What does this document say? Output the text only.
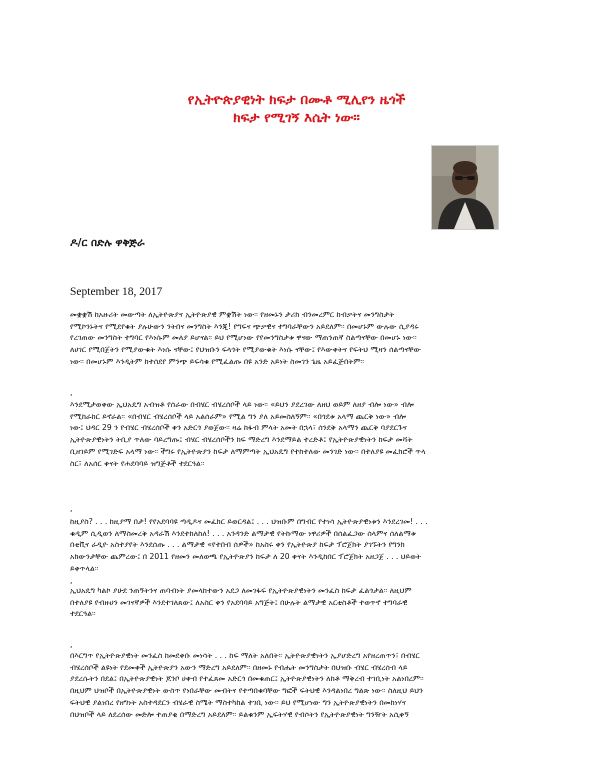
የኢትዮጵያዊነት ክፍታ በሙቶ ሚሊየን ዜጎች
ክፍታ የሚገኝ እሴት ነው፡፡
ዶ/ር በድሉ ዋቅጅራ
September 18, 2017
መቋቋሽ ከአዙሪት መውጣት ለኢትዮጵያና ኢትዮጵያዊ ምቋሽት ነው፡፡ የዘመኑን ታሪክ ብንመረምር ከብቃትና መንግስታት
የሚኮንኑትና የሚደየቁት ያሉሁውን ንትበና መንግስት እንጂ! የግፍና ጭቃዊና ተግባራቸውን አይደለም፡፡ በመሆኑም ውሉው ሲያዳሩ
የረገጠው መንግስት ተግባር የእነሱም መለያ ይሆናል፡፡ ይህ የሚሆነው የየመንግስታቱ ዋናው ማጠንጠኛ ስልጣናቸው በመሆኑ ነው፡፡
ለሀገር የሚበጀትን የሚያውቁት እነሱ ናቸው፤ የህዝቡን ፍላጎት የሚያውቁት እነሱ ናቸው፤ የእውቀትና የፍትህ ሚዛን ሰልጣናቸው
ነው፡፡ በመሆኑም እንዲትም ከተሰደየ ምንጭ ይፍሳቁ የሚፈልጡ በዩ አንድ አይነት ስመገን ጌዜ አይፈጅበትም፡፡
,
እንደሚታወቀው ኢህአዴግ አብዝቶ የሰራው በብሄር ብሄረሰቦች ላይ ነው፡፡ «ይህን ያደረገው ለዘህ ወይም ለዘያ ብሎ ነው» ብሎ
የሚከራከር ይኖራል፡፡ «በብሄር ብሄረሰቦች ላይ አልሰራም» የሚል ግን ያለ አይመስለኝም፡፡ «በጎደቱ አላማ ጨርቅ ነው» ብሎ
ነው፤ ህዳር 29 ን የብሄር ብሄረሰቦች ቀን አድርጎ ያወጀው፡፡ ዛሬ ከፋብ ምላት አመት በኋላ፣ ሰንደቅ አላማን ጨርቅ ባያደርጉና
ኢትዮጵያዊነትን ትቢያ ጥለው ባይረግጡ፤ ብሄር ብሄረሰቦችን ከፍ ማድረግ እንደማይል ተረድቶ፤ የኢትዮጵያዊነትን ከፍታ መሻት
ቢዘገይም የሚገድፍ አላማ ነው፡፡ ችግሩ የኢትዮጵያን ከፍታ ለማምጣት ኢህአዴግ የተከተለው መንገድ ነው፡፡ በተለያዩ መፈክሮች ጥላ
ስር፣ ለአሰር ቀናት የሐደባባይ ዝግጅቶች ተደርጓል፡፡
,
ከዚያስ? . . . ከዚያማ በታ! የየአደባባዩ ጣዲዶና መፈክር ይወርዳል፤ . . . ህዝቡም በግብር የተነሳ ኢትዮጵያዊነቱን እንደረገመ! . . .
ቁዲም ሲዲወን ለማስመረቅ አዳራሽ እንደተከለከለ! . . . አንዳንድ ልማታዊ የትኩማው ነዋሪዎች በሰልፈጋው ሰላምና ሰለልማቱ
በቲቪና ራዲዮ አስተያየት እንደሰጡ . . . ልማታዊ «የተበብ ሰዎች» ከአስሩ ቀን የኢትዮጵያ ከፍታ ፕሮጀክት ያገኙትን የግንክ
አክውንታቸው ጨምረው፤ በ 2011 የዘመን መለወጫ የኢትዮጵያን ከፍታ ለ 20 ቀናት እንዲከበር ፕሮጀክት አዘጋጀ . . . ህይወት
ይቀጥላል፡፡
,
ኢህአዴግ ካልኮ ያሁደ ንጠኝትንና ጠባብነት ያመላከተውን አደጋ ለመገፋፍ የኢትዮጵያዊነትን መንፈስ ከፍታ ፈልጎታል፡፡ ለዚህም
በተለያዩ የብዙሀን መገናኛዎች እንደተገለጸው፤ ለአስር ቀን የአደባባይ አግጅት፤ በሁሉት ልማታዊ አርቲስቶች ተወጥኖ ተግባራዊ
ተደርጓል፡፡
,
በእርግጥ የኢትዮጵያዊነት መንፈስ ከመደቀቡ መነሳት . . . ከፍ ማለት አለበት፡፡ ኢትዮጵያዊነትን ኢያሆድረግ አየዘረጠጥን፣ በብሄር
ብሄረሰቦች ልዩነት የደመቀች ኢትዮጵያን አውን ማድረግ አይደለም፡፡ በዘመኑ የብሔት መንግስታት በህዝቡ ብሄር ብሄረሰብ ላይ
ያደረሱትን በደል፤ በኢትዮጵያዊነት ጆንቦ ሀቀብ የተፈጸመ አድርጎ በመቁጠር፤ ኢትዮጵያዊነትን ለከቶ ማቅረብ ተገቢነት አልነበረም፡፡
በዚህም ህዝቦች በኢትዮጵያዊነት ውስጥ የነበራቸው መብትና የተጣበቁባቸው ግፎች ፍትህዊ እንዳልነበረ ግልጽ ነው፡፡ ስለዚህ ይህን
ፍትህዊ ያልነበረ የዘግነት አስተዳደርን ብሄራዊ ስሜት ማስተካከል ተገቢ ነው፡፡ ይህ የሚሆነው ግን ኢትዮጵያዊነትን በመከነሃና
በህዝቦች ላይ ለደረሰው መድሎ ተጠያቂ በማድረግ አይደለም፡፡ ይልቁንም ኢፍትሃዊ የብሶትን የኢትዮጵያዊነት ግንዥት አሲቀኝ
